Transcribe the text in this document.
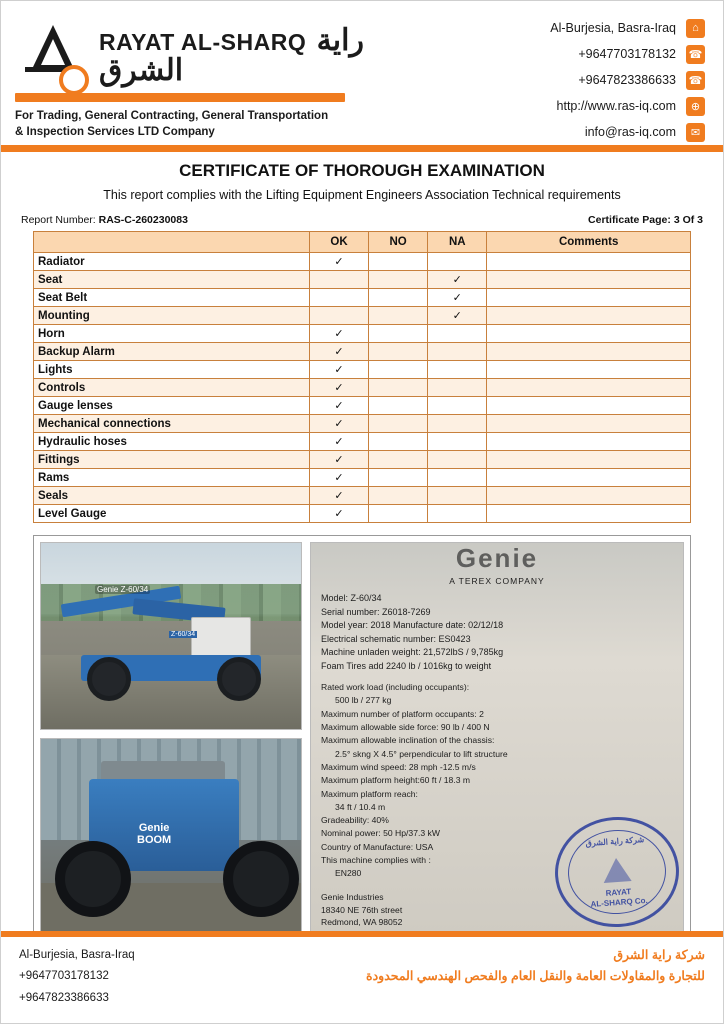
RAYAT AL-SHARQ راية الشرق
For Trading, General Contracting, General Transportation
& Inspection Services LTD Company
Al-Burjesia, Basra-Iraq	⌂
+9647703178132 ☎
+9647823386633 ☎
http://www.ras-iq.com	⊕
info@ras-iq.com	✉
CERTIFICATE OF THOROUGH EXAMINATION
This report complies with the Lifting Equipment Engineers Association Technical requirements
Report Number: RAS-C-260230083	Certificate Page: 3 Of 3
	OK	NO	NA	Comments
Radiator	✓			
Seat			✓	
Seat Belt			✓	
Mounting			✓	
Horn	✓			
Backup Alarm	✓			
Lights	✓			
Controls	✓			
Gauge lenses	✓			
Mechanical connections	✓			
Hydraulic hoses	✓			
Fittings	✓			
Rams	✓			
Seals	✓			
Level Gauge	✓			
Genie Z-60/34
Z-60/34
Genie
BOOM
Genie
A TEREX COMPANY
Model: Z-60/34
Serial number: Z6018-7269
Model year: 2018 Manufacture date: 02/12/18
Electrical schematic number: ES0423
Machine unladen weight: 21,572lbS / 9,785kg
Foam Tires add 2240 lb / 1016kg to weight
Rated work load (including occupants):
500 lb / 277 kg
Maximum number of platform occupants: 2
Maximum allowable side force: 90 lb / 400 N
Maximum allowable inclination of the chassis:
2.5° skng X 4.5° perpendicular to lift structure
Maximum wind speed: 28 mph -12.5 m/s
Maximum platform height:60 ft / 18.3 m
Maximum platform reach:
34 ft / 10.4 m
Gradeability: 40%
Nominal power: 50 Hp/37.3 kW
Country of Manufacture: USA
This machine complies with :
EN280
Genie Industries
18340 NE 76th street
Redmond, WA 98052
شركة راية الشرق
RAYAT
AL-SHARQ Co.
Al-Burjesia, Basra-Iraq
+9647703178132
+9647823386633
شركة راية الشرق
للتجارة والمقاولات العامة والنقل العام والفحص الهندسي المحدودة
